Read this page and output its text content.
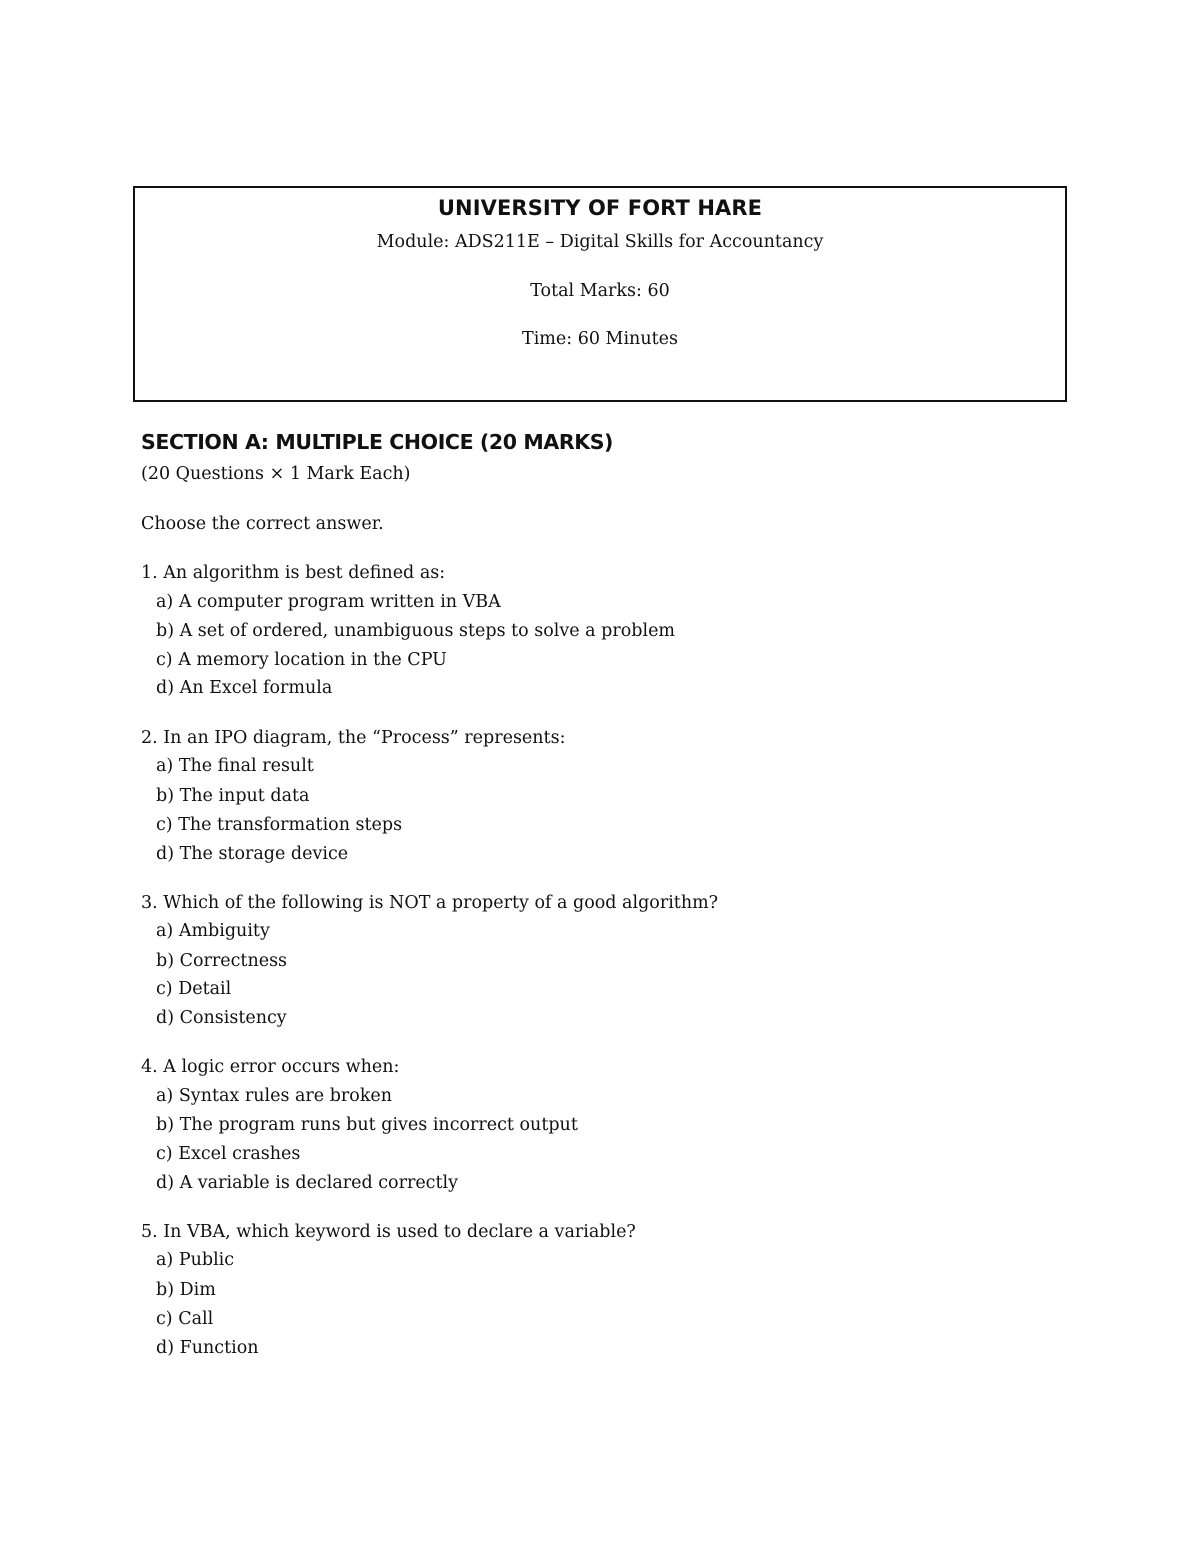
UNIVERSITY OF FORT HARE
Module: ADS211E – Digital Skills for Accountancy
Total Marks: 60
Time: 60 Minutes
SECTION A: MULTIPLE CHOICE (20 MARKS)
(20 Questions × 1 Mark Each)
Choose the correct answer.
1. An algorithm is best defined as:
a) A computer program written in VBA
b) A set of ordered, unambiguous steps to solve a problem
c) A memory location in the CPU
d) An Excel formula
2. In an IPO diagram, the “Process” represents:
a) The final result
b) The input data
c) The transformation steps
d) The storage device
3. Which of the following is NOT a property of a good algorithm?
a) Ambiguity
b) Correctness
c) Detail
d) Consistency
4. A logic error occurs when:
a) Syntax rules are broken
b) The program runs but gives incorrect output
c) Excel crashes
d) A variable is declared correctly
5. In VBA, which keyword is used to declare a variable?
a) Public
b) Dim
c) Call
d) Function
